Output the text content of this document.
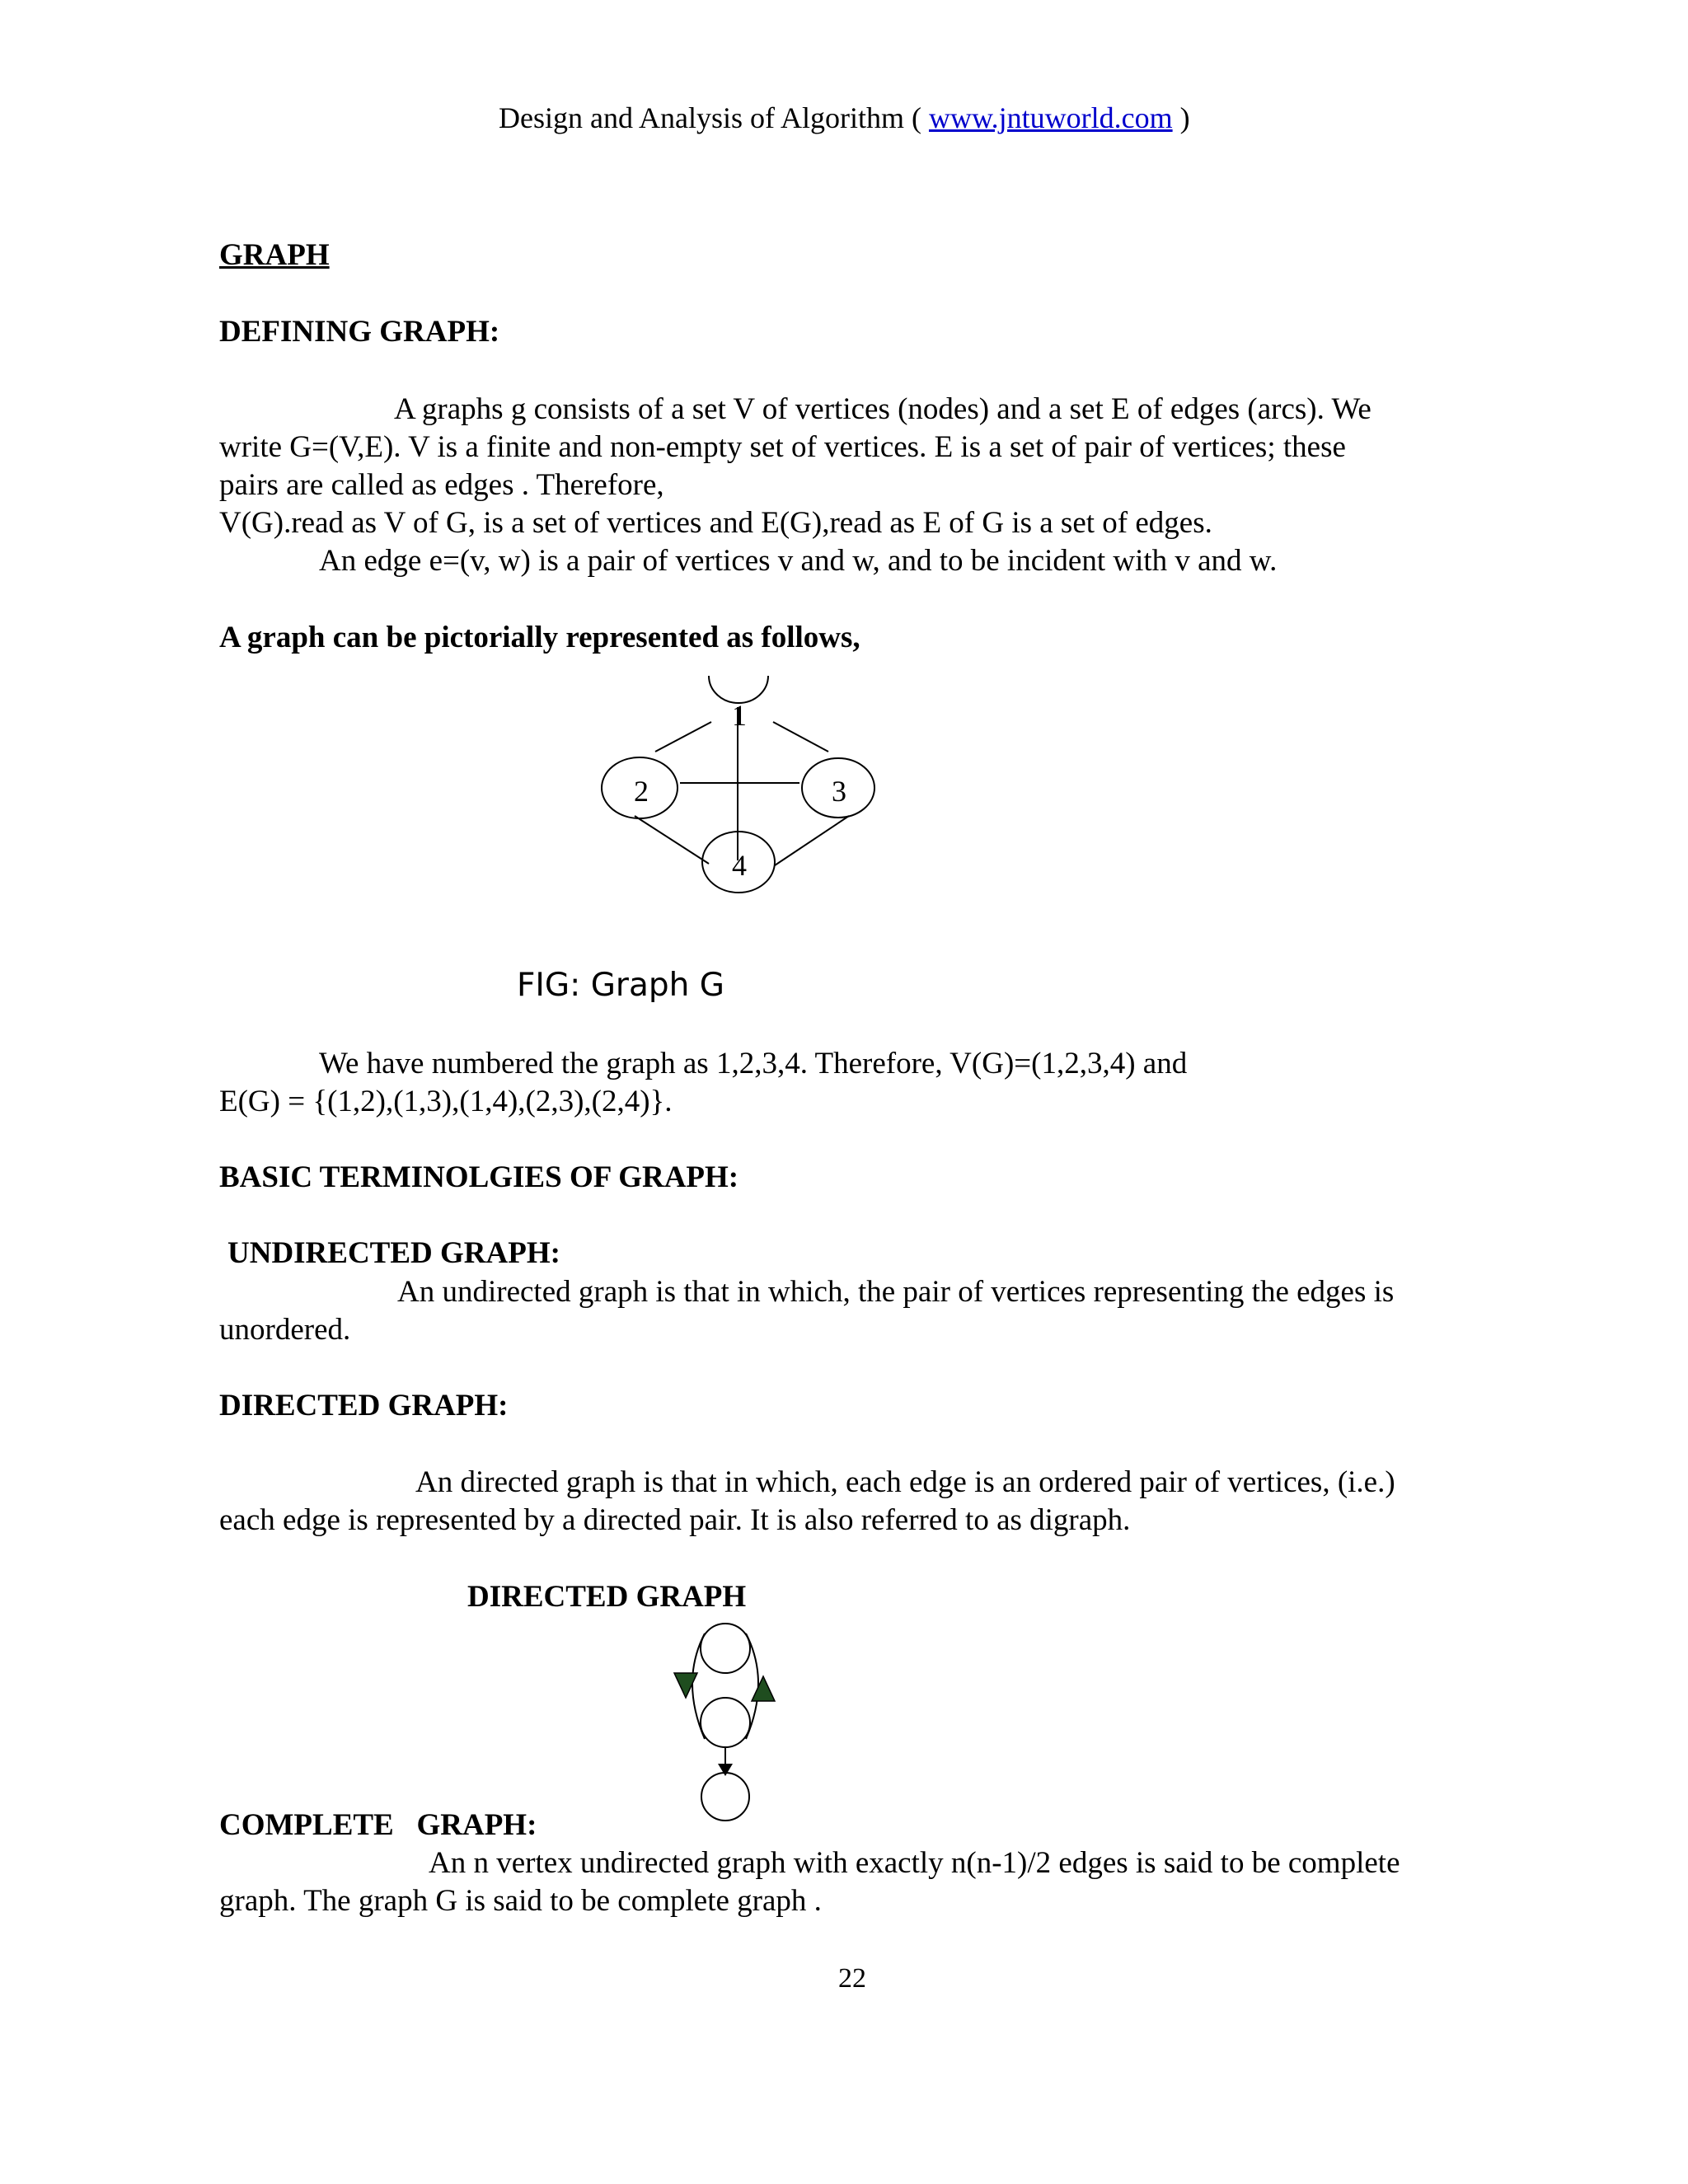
Design and Analysis of Algorithm ( www.jntuworld.com )
GRAPH
DEFINING GRAPH:
A graphs g consists of a set V of vertices (nodes) and a set E of edges (arcs). We
write G=(V,E). V is a finite and non-empty set of vertices. E is a set of pair of vertices; these
pairs are called as edges . Therefore,
V(G).read as V of G, is a set of vertices and E(G),read as E of G is a set of edges.
An edge e=(v, w) is a pair of vertices v and w, and to be incident with v and w.
A graph can be pictorially represented as follows,
1
2	3
4
FIG: Graph G
We have numbered the graph as 1,2,3,4. Therefore, V(G)=(1,2,3,4) and
E(G) = {(1,2),(1,3),(1,4),(2,3),(2,4)}.
BASIC TERMINOLGIES OF GRAPH:
UNDIRECTED GRAPH:
An undirected graph is that in which, the pair of vertices representing the edges is
unordered.
DIRECTED GRAPH:
An directed graph is that in which, each edge is an ordered pair of vertices, (i.e.)
each edge is represented by a directed pair. It is also referred to as digraph.
DIRECTED GRAPH
COMPLETE   GRAPH:
An n vertex undirected graph with exactly n(n-1)/2 edges is said to be complete
graph. The graph G is said to be complete graph .
22
